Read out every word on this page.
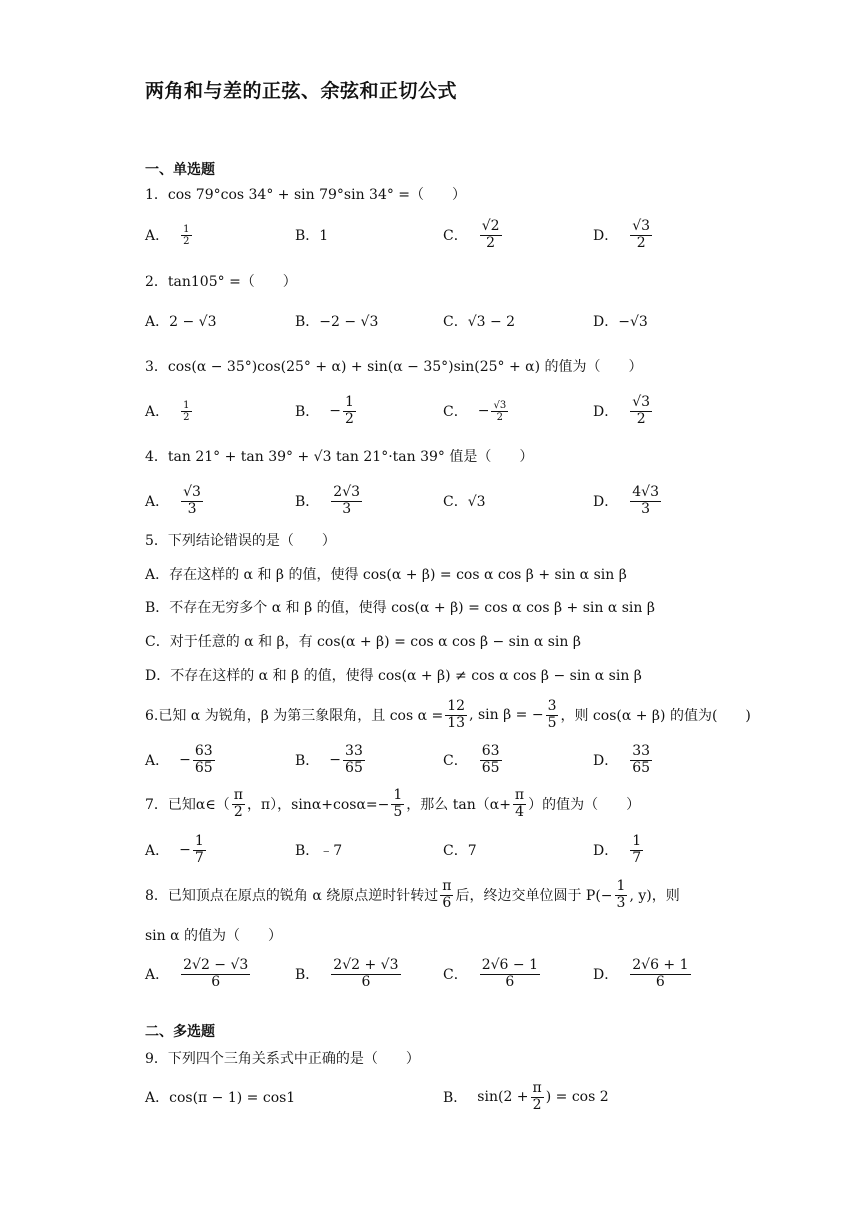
两角和与差的正弦、余弦和正切公式
一、单选题
1．cos 79°cos 34° + sin 79°sin 34° =（　　）
A． $\frac{1}{2}$	B．1	C． $\frac{√2}{2}$	D． $\frac{√3}{2}$
2．tan105° =（　　）
A．2 − √3	B．−2 − √3	C．√3 − 2	D．−√3
3．cos(α − 35°)cos(25° + α) + sin(α − 35°)sin(25° + α) 的值为（　　）
A． $\frac{1}{2}$	B． − $\frac{1}{2}$	C． − $\frac{√3}{2}$	D． $\frac{√3}{2}$
4．tan 21° + tan 39° + √3 tan 21°·tan 39° 值是（　　）
A． $\frac{√3}{3}$	B． $\frac{2√3}{3}$	C．√3	D． $\frac{4√3}{3}$
5．下列结论错误的是（　　）
A．存在这样的 α 和 β 的值，使得 cos(α + β) = cos α cos β + sin α sin β
B．不存在无穷多个 α 和 β 的值，使得 cos(α + β) = cos α cos β + sin α sin β
C．对于任意的 α 和 β，有 cos(α + β) = cos α cos β − sin α sin β
D．不存在这样的 α 和 β 的值，使得 cos(α + β) ≠ cos α cos β − sin α sin β
6.已知 α 为锐角，β 为第三象限角，且 $\cos \alpha = \frac{12}{13}$ , sin β = − $\frac{3}{5}$ ，则 cos(α + β) 的值为(　　)
A． − $\frac{63}{65}$	B． − $\frac{33}{65}$	C． $\frac{63}{65}$	D． $\frac{33}{65}$
7．已知α∈（ $\frac{\pi}{2}$ ，π），$\sin\alpha+\cos\alpha=- \frac{1}{5}$ ，那么 $\tan(\alpha+ \frac{\pi}{4}$ ）的值为（　　）
A． − $\frac{1}{7}$	B．﹣7	C．7	D． $\frac{1}{7}$
8．已知顶点在原点的锐角 α 绕原点逆时针转过 $\frac{\pi}{6}$ 后，终边交单位圆于 $P(- \frac{1}{3}$ , y)，则
sin α 的值为（　　）
A． $\frac{2√2 - √3}{6}$	B． $\frac{2√2 + √3}{6}$	C． $\frac{2√6 - 1}{6}$	D． $\frac{2√6 + 1}{6}$
二、多选题
9．下列四个三角关系式中正确的是（　　）
A．cos(π − 1) = cos1	B． $\sin(2 + \frac{\pi}{2}$ ) = cos 2
